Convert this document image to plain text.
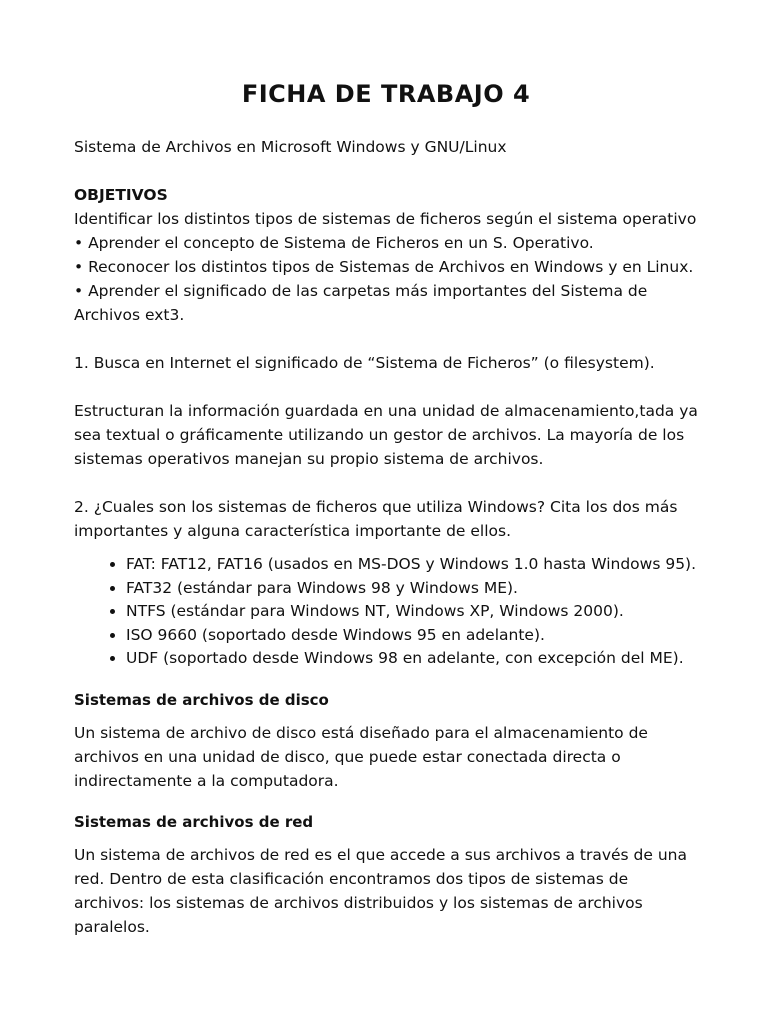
FICHA DE TRABAJO 4

Sistema de Archivos en Microsoft Windows y GNU/Linux

OBJETIVOS

Identificar los distintos tipos de sistemas de ficheros según el sistema operativo

• Aprender el concepto de Sistema de Ficheros en un S. Operativo.

• Reconocer los distintos tipos de Sistemas de Archivos en Windows y en Linux.

• Aprender el significado de las carpetas más importantes del Sistema de Archivos ext3.

1. Busca en Internet el significado de “Sistema de Ficheros” (o filesystem).

Estructuran la información guardada en una unidad de almacenamiento,tada ya sea textual o gráficamente utilizando un gestor de archivos. La mayoría de los sistemas operativos manejan su propio sistema de archivos.

2. ¿Cuales son los sistemas de ficheros que utiliza Windows? Cita los dos más importantes y alguna característica importante de ellos.

• FAT: FAT12, FAT16 (usados en MS-DOS y Windows 1.0 hasta Windows 95).
• FAT32 (estándar para Windows 98 y Windows ME).
• NTFS (estándar para Windows NT, Windows XP, Windows 2000).
• ISO 9660 (soportado desde Windows 95 en adelante).
• UDF (soportado desde Windows 98 en adelante, con excepción del ME).

Sistemas de archivos de disco

Un sistema de archivo de disco está diseñado para el almacenamiento de archivos en una unidad de disco, que puede estar conectada directa o indirectamente a la computadora.

Sistemas de archivos de red

Un sistema de archivos de red es el que accede a sus archivos a través de una red. Dentro de esta clasificación encontramos dos tipos de sistemas de archivos: los sistemas de archivos distribuidos y los sistemas de archivos paralelos.
